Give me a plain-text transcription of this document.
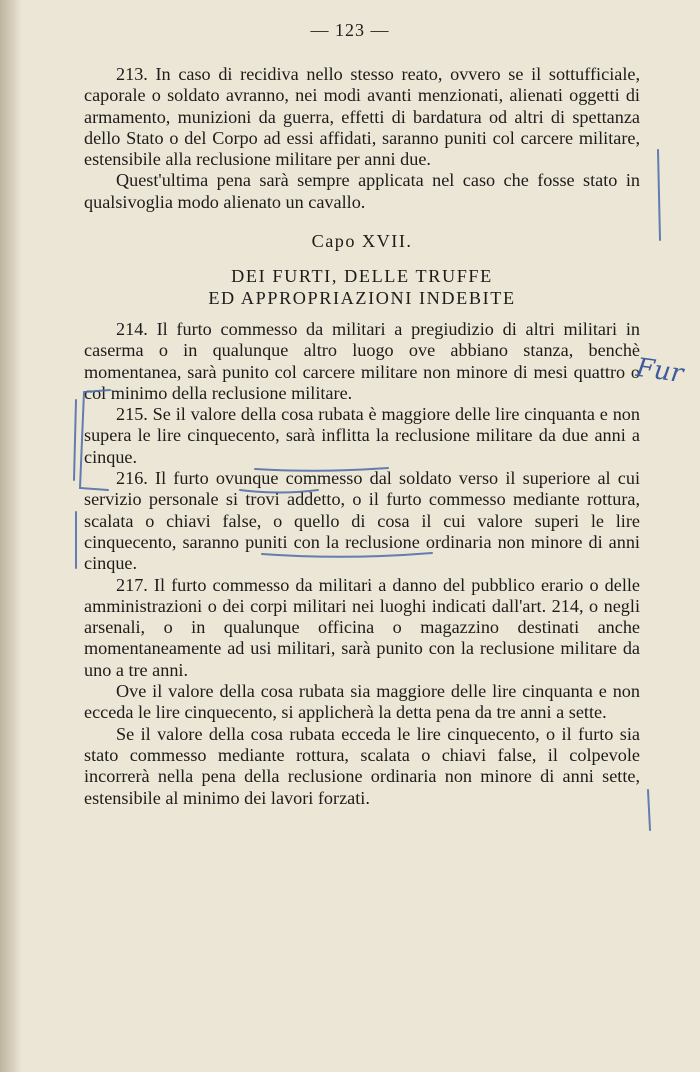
— 123 —

213. In caso di recidiva nello stesso reato, ovvero se il sottufficiale, caporale o soldato avranno, nei modi avanti menzionati, alienati oggetti di armamento, munizioni da guerra, effetti di bardatura od altri di spettanza dello Stato o del Corpo ad essi affidati, saranno puniti col carcere militare, estensibile alla reclusione militare per anni due.

Quest'ultima pena sarà sempre applicata nel caso che fosse stato in qualsivoglia modo alienato un cavallo.

Capo XVII.

DEI FURTI, DELLE TRUFFE

ED APPROPRIAZIONI INDEBITE

214. Il furto commesso da militari a pregiudizio di altri militari in caserma o in qualunque altro luogo ove abbiano stanza, benchè momentanea, sarà punito col carcere militare non minore di mesi quattro o col minimo della reclusione militare.

215. Se il valore della cosa rubata è maggiore delle lire cinquanta e non supera le lire cinquecento, sarà inflitta la reclusione militare da due anni a cinque.

216. Il furto ovunque commesso dal soldato verso il superiore al cui servizio personale si trovi addetto, o il furto commesso mediante rottura, scalata o chiavi false, o quello di cosa il cui valore superi le lire cinquecento, saranno puniti con la reclusione ordinaria non minore di anni cinque.

217. Il furto commesso da militari a danno del pubblico erario o delle amministrazioni o dei corpi militari nei luoghi indicati dall'art. 214, o negli arsenali, o in qualunque officina o magazzino destinati anche momentaneamente ad usi militari, sarà punito con la reclusione militare da uno a tre anni.

Ove il valore della cosa rubata sia maggiore delle lire cinquanta e non ecceda le lire cinquecento, si applicherà la detta pena da tre anni a sette.

Se il valore della cosa rubata ecceda le lire cinquecento, o il furto sia stato commesso mediante rottura, scalata o chiavi false, il colpevole incorrerà nella pena della reclusione ordinaria non minore di anni sette, estensibile al minimo dei lavori forzati.

Fur
